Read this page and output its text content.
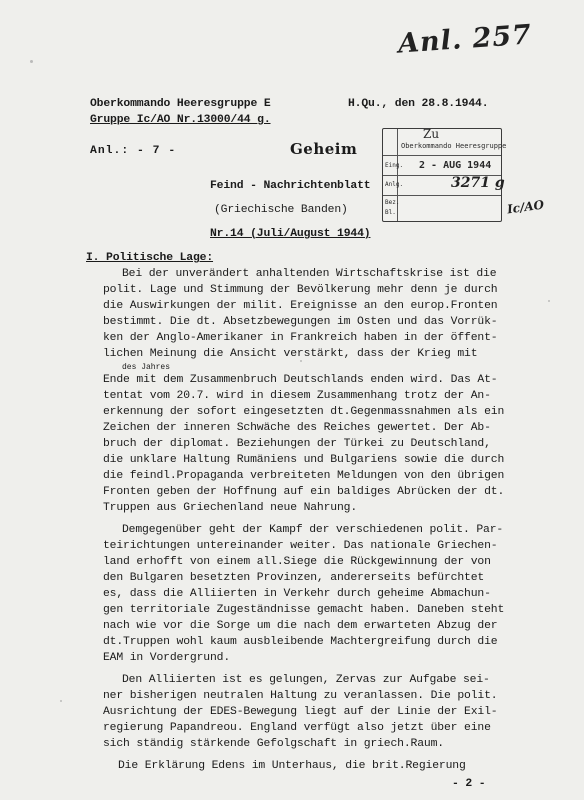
Anl. 257
Oberkommando Heeresgruppe E	H.Qu., den 28.8.1944.
Gruppe Ic/AO Nr.13000/44 g.
Anl.: - 7 -	Geheim
Zu
Oberkommando Heeresgruppe
Eing. 2 - AUG 1944
Anlg.	3271 g
Bez.
Bl.	Ic/AO
Feind - Nachrichtenblatt
(Griechische Banden)
Nr.14 (Juli/August 1944)
I. Politische Lage:
Bei der unverändert anhaltenden Wirtschaftskrise ist die
polit. Lage und Stimmung der Bevölkerung mehr denn je durch
die Auswirkungen der milit. Ereignisse an den europ.Fronten
bestimmt. Die dt. Absetzbewegungen im Osten und das Vorrük-
ken der Anglo-Amerikaner in Frankreich haben in der öffent-
lichen Meinung die Ansicht verstärkt, dass der Krieg mit
des Jahres
Ende mit dem Zusammenbruch Deutschlands enden wird. Das At-
tentat vom 20.7. wird in diesem Zusammenhang trotz der An-
erkennung der sofort eingesetzten dt.Gegenmassnahmen als ein
Zeichen der inneren Schwäche des Reiches gewertet. Der Ab-
bruch der diplomat. Beziehungen der Türkei zu Deutschland,
die unklare Haltung Rumäniens und Bulgariens sowie die durch
die feindl.Propaganda verbreiteten Meldungen von den übrigen
Fronten geben der Hoffnung auf ein baldiges Abrücken der dt.
Truppen aus Griechenland neue Nahrung.
Demgegenüber geht der Kampf der verschiedenen polit. Par-
teirichtungen untereinander weiter. Das nationale Griechen-
land erhofft von einem all.Siege die Rückgewinnung der von
den Bulgaren besetzten Provinzen, andererseits befürchtet
es, dass die Alliierten in Verkehr durch geheime Abmachun-
gen territoriale Zugeständnisse gemacht haben. Daneben steht
nach wie vor die Sorge um die nach dem erwarteten Abzug der
dt.Truppen wohl kaum ausbleibende Machtergreifung durch die
EAM in Vordergrund.
Den Alliierten ist es gelungen, Zervas zur Aufgabe sei-
ner bisherigen neutralen Haltung zu veranlassen. Die polit.
Ausrichtung der EDES-Bewegung liegt auf der Linie der Exil-
regierung Papandreou. England verfügt also jetzt über eine
sich ständig stärkende Gefolgschaft in griech.Raum.
Die Erklärung Edens im Unterhaus, die brit.Regierung
- 2 -
